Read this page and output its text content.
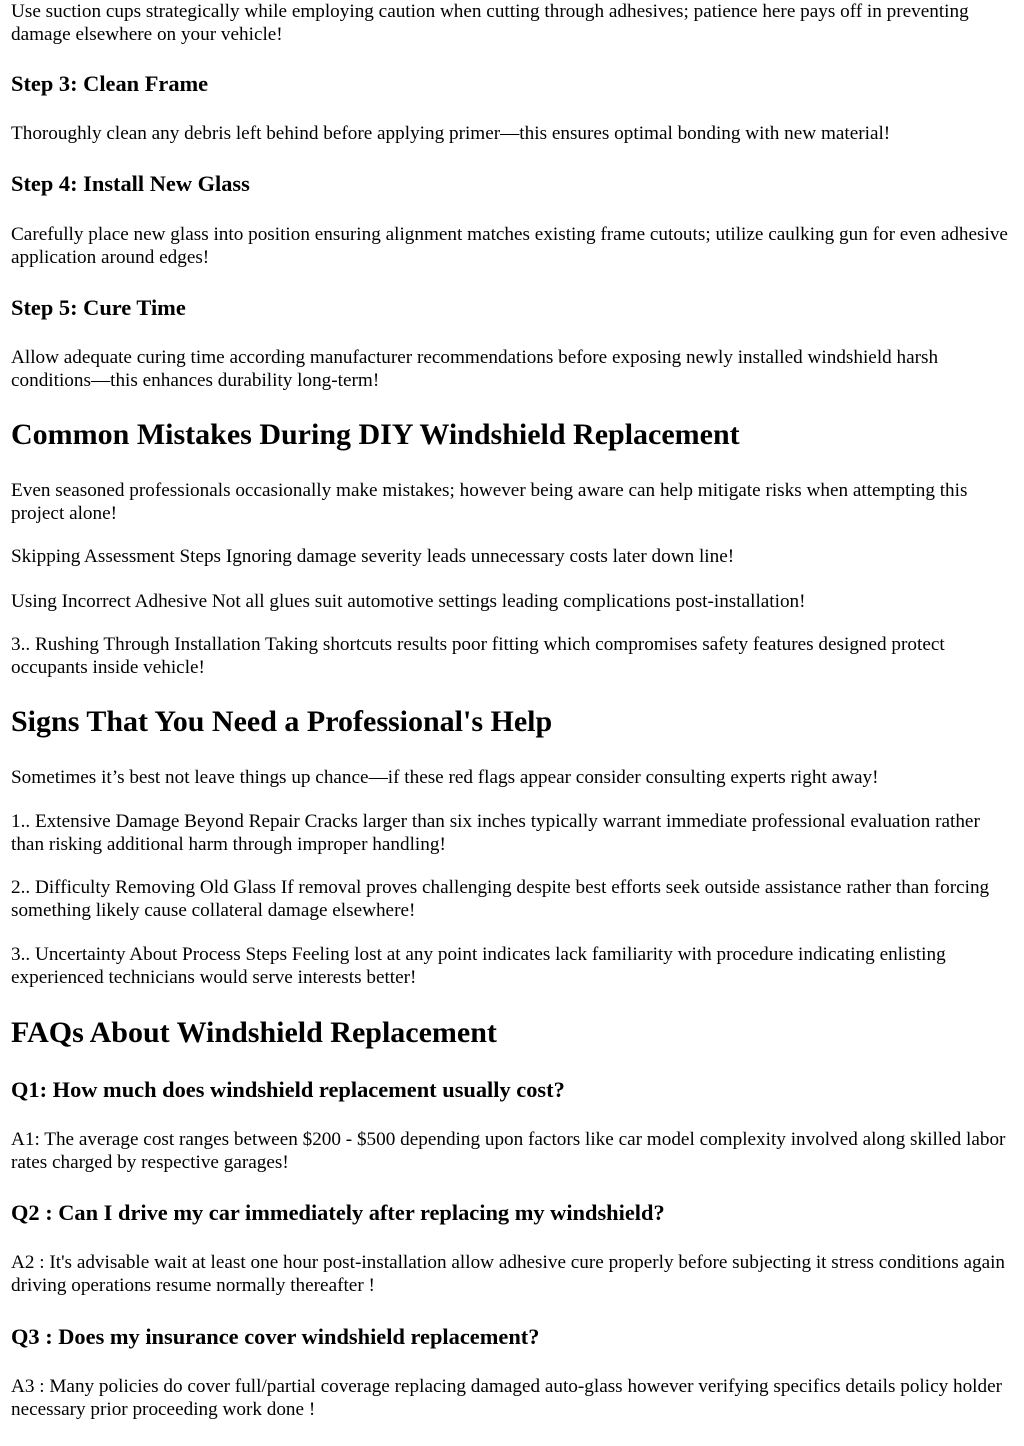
Use suction cups strategically while employing caution when cutting through adhesives; patience here pays off in preventing damage elsewhere on your vehicle!

Step 3: Clean Frame

Thoroughly clean any debris left behind before applying primer—this ensures optimal bonding with new material!

Step 4: Install New Glass

Carefully place new glass into position ensuring alignment matches existing frame cutouts; utilize caulking gun for even adhesive application around edges!

Step 5: Cure Time

Allow adequate curing time according manufacturer recommendations before exposing newly installed windshield harsh conditions—this enhances durability long-term!

Common Mistakes During DIY Windshield Replacement

Even seasoned professionals occasionally make mistakes; however being aware can help mitigate risks when attempting this project alone!

Skipping Assessment Steps Ignoring damage severity leads unnecessary costs later down line!

Using Incorrect Adhesive Not all glues suit automotive settings leading complications post-installation!

3.. Rushing Through Installation Taking shortcuts results poor fitting which compromises safety features designed protect occupants inside vehicle!

Signs That You Need a Professional's Help

Sometimes it’s best not leave things up chance—if these red flags appear consider consulting experts right away!

1.. Extensive Damage Beyond Repair Cracks larger than six inches typically warrant immediate professional evaluation rather than risking additional harm through improper handling!

2.. Difficulty Removing Old Glass If removal proves challenging despite best efforts seek outside assistance rather than forcing something likely cause collateral damage elsewhere!

3.. Uncertainty About Process Steps Feeling lost at any point indicates lack familiarity with procedure indicating enlisting experienced technicians would serve interests better!

FAQs About Windshield Replacement
Q1: How much does windshield replacement usually cost?

A1: The average cost ranges between $200 - $500 depending upon factors like car model complexity involved along skilled labor rates charged by respective garages!

Q2 : Can I drive my car immediately after replacing my windshield?

A2 : It's advisable wait at least one hour post-installation allow adhesive cure properly before subjecting it stress conditions again driving operations resume normally thereafter !

Q3 : Does my insurance cover windshield replacement?

A3 : Many policies do cover full/partial coverage replacing damaged auto-glass however verifying specifics details policy holder necessary prior proceeding work done !
